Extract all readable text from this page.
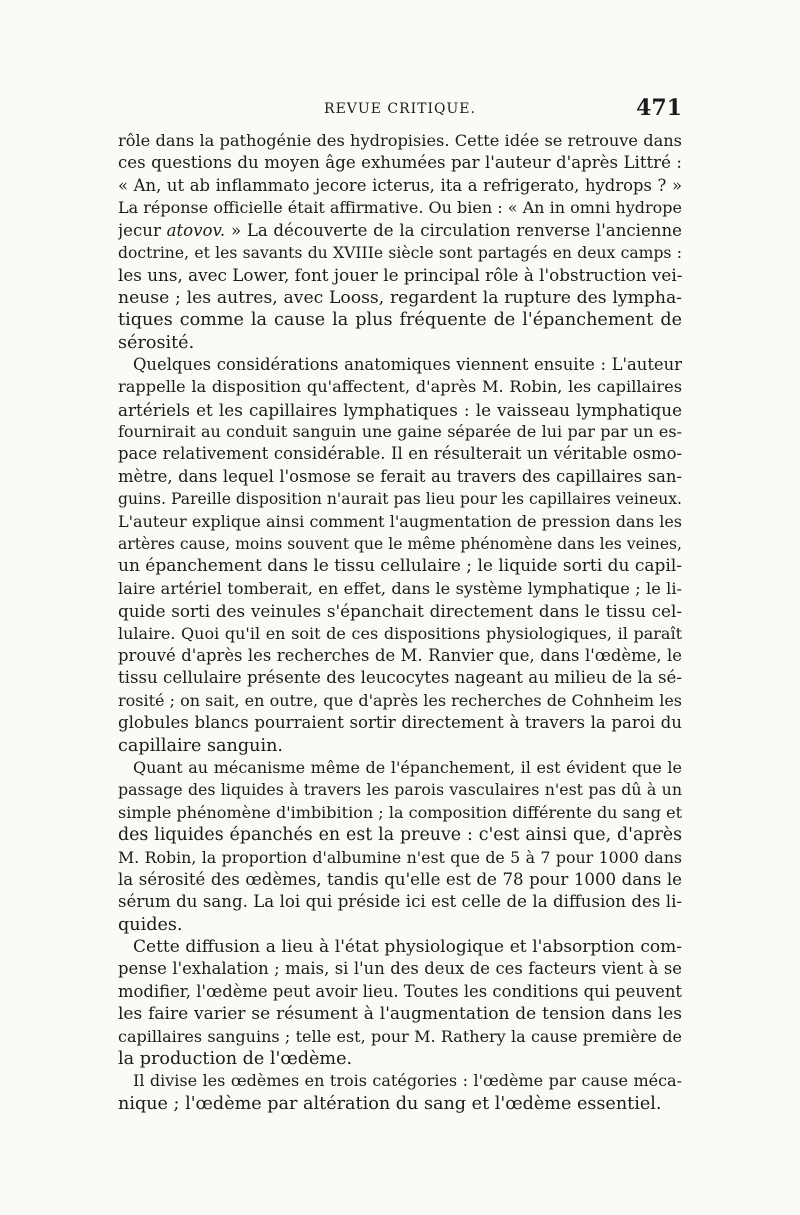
REVUE CRITIQUE.	471
rôle dans la pathogénie des hydropisies. Cette idée se retrouve dans
ces questions du moyen âge exhumées par l'auteur d'après Littré :
« An, ut ab inflammato jecore icterus, ita a refrigerato, hydrops ? »
La réponse officielle était affirmative. Ou bien : « An in omni hydrope
jecur atovov. » La découverte de la circulation renverse l'ancienne
doctrine, et les savants du XVIIIe siècle sont partagés en deux camps :
les uns, avec Lower, font jouer le principal rôle à l'obstruction vei-
neuse ; les autres, avec Looss, regardent la rupture des lympha-
tiques comme la cause la plus fréquente de l'épanchement de
sérosité.
Quelques considérations anatomiques viennent ensuite : L'auteur
rappelle la disposition qu'affectent, d'après M. Robin, les capillaires
artériels et les capillaires lymphatiques : le vaisseau lymphatique
fournirait au conduit sanguin une gaine séparée de lui par par un es-
pace relativement considérable. Il en résulterait un véritable osmo-
mètre, dans lequel l'osmose se ferait au travers des capillaires san-
guins. Pareille disposition n'aurait pas lieu pour les capillaires veineux.
L'auteur explique ainsi comment l'augmentation de pression dans les
artères cause, moins souvent que le même phénomène dans les veines,
un épanchement dans le tissu cellulaire ; le liquide sorti du capil-
laire artériel tomberait, en effet, dans le système lymphatique ; le li-
quide sorti des veinules s'épanchait directement dans le tissu cel-
lulaire. Quoi qu'il en soit de ces dispositions physiologiques, il paraît
prouvé d'après les recherches de M. Ranvier que, dans l'œdème, le
tissu cellulaire présente des leucocytes nageant au milieu de la sé-
rosité ; on sait, en outre, que d'après les recherches de Cohnheim les
globules blancs pourraient sortir directement à travers la paroi du
capillaire sanguin.
Quant au mécanisme même de l'épanchement, il est évident que le
passage des liquides à travers les parois vasculaires n'est pas dû à un
simple phénomène d'imbibition ; la composition différente du sang et
des liquides épanchés en est la preuve : c'est ainsi que, d'après
M. Robin, la proportion d'albumine n'est que de 5 à 7 pour 1000 dans
la sérosité des œdèmes, tandis qu'elle est de 78 pour 1000 dans le
sérum du sang. La loi qui préside ici est celle de la diffusion des li-
quides.
Cette diffusion a lieu à l'état physiologique et l'absorption com-
pense l'exhalation ; mais, si l'un des deux de ces facteurs vient à se
modifier, l'œdème peut avoir lieu. Toutes les conditions qui peuvent
les faire varier se résument à l'augmentation de tension dans les
capillaires sanguins ; telle est, pour M. Rathery la cause première de
la production de l'œdème.
Il divise les œdèmes en trois catégories : l'œdème par cause méca-
nique ; l'œdème par altération du sang et l'œdème essentiel.
